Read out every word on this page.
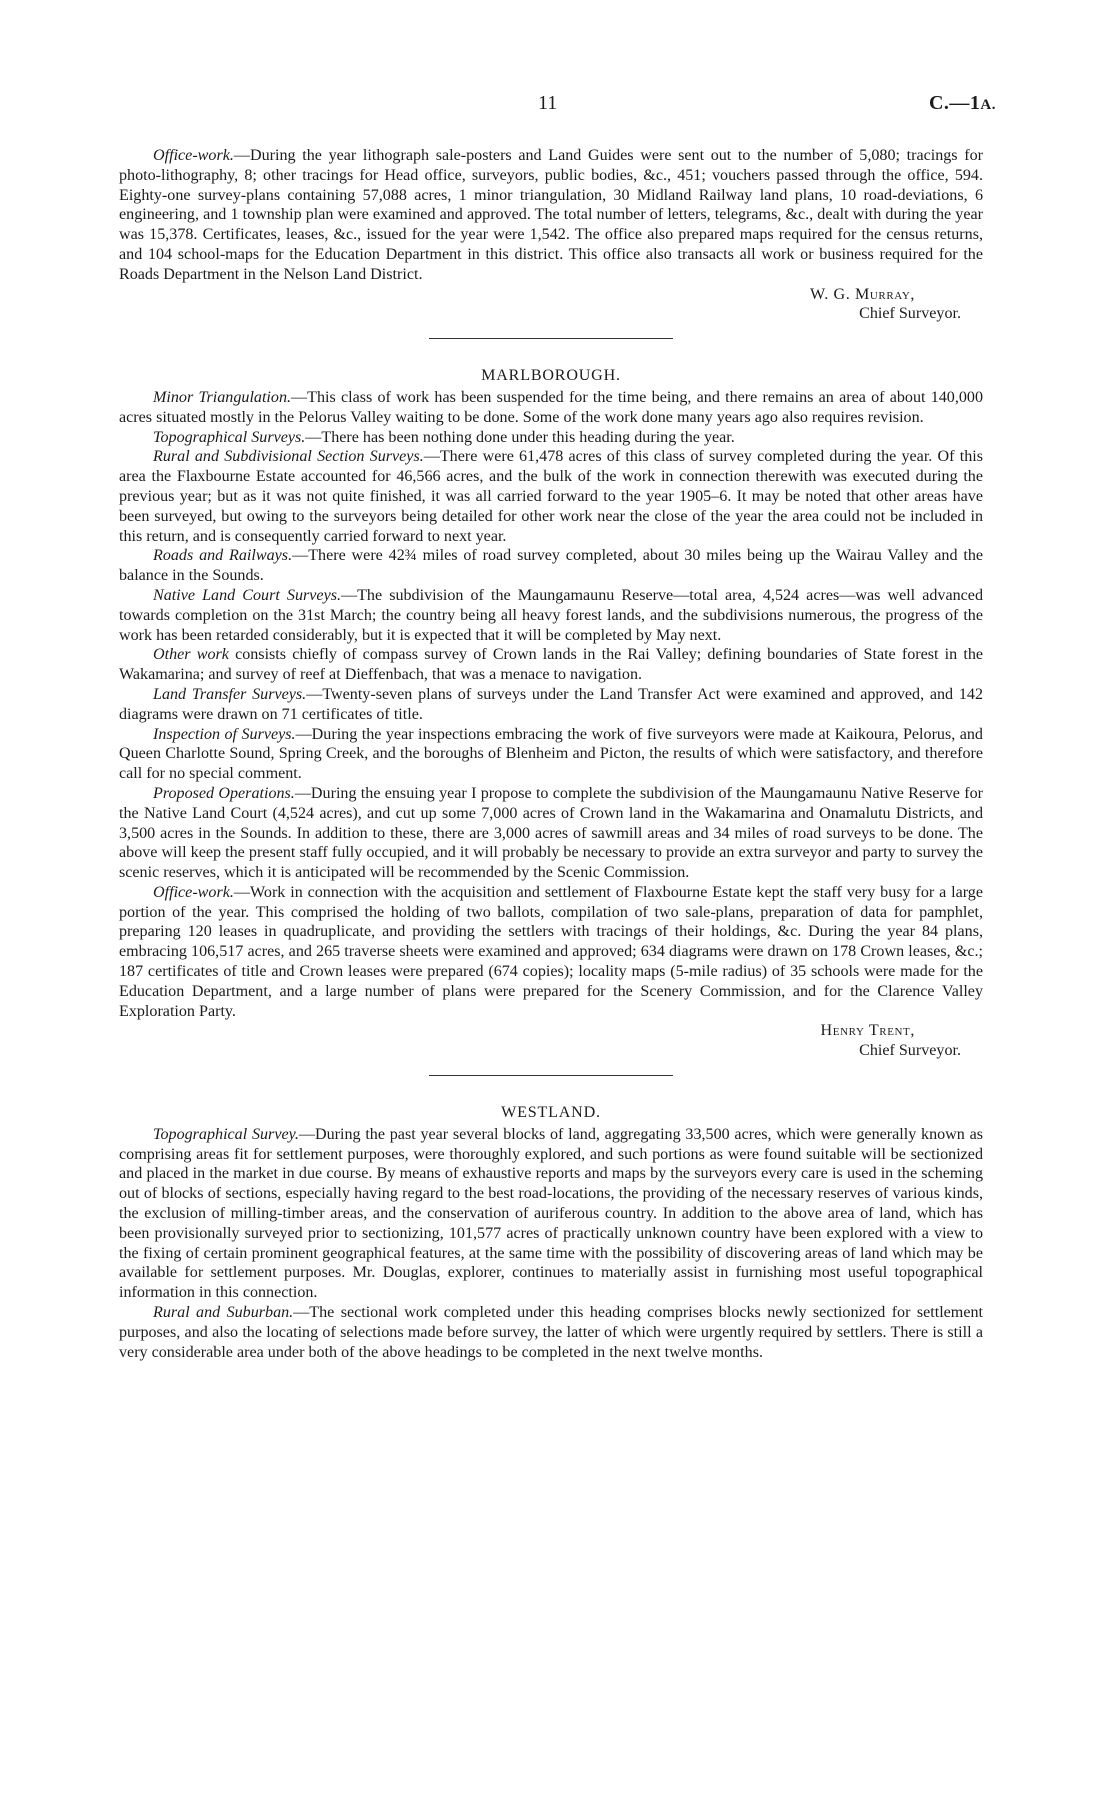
11	C.—1A.

Office-work.—During the year lithograph sale-posters and Land Guides were sent out to the number of 5,080; tracings for photo-lithography, 8; other tracings for Head office, surveyors, public bodies, &c., 451; vouchers passed through the office, 594. Eighty-one survey-plans containing 57,088 acres, 1 minor triangulation, 30 Midland Railway land plans, 10 road-deviations, 6 engineering, and 1 township plan were examined and approved. The total number of letters, telegrams, &c., dealt with during the year was 15,378. Certificates, leases, &c., issued for the year were 1,542. The office also prepared maps required for the census returns, and 104 school-maps for the Education Department in this district. This office also transacts all work or business required for the Roads Department in the Nelson Land District.

W. G. Murray,
Chief Surveyor.
MARLBOROUGH.

Minor Triangulation.—This class of work has been suspended for the time being, and there remains an area of about 140,000 acres situated mostly in the Pelorus Valley waiting to be done. Some of the work done many years ago also requires revision.

Topographical Surveys.—There has been nothing done under this heading during the year.

Rural and Subdivisional Section Surveys.—There were 61,478 acres of this class of survey completed during the year. Of this area the Flaxbourne Estate accounted for 46,566 acres, and the bulk of the work in connection therewith was executed during the previous year; but as it was not quite finished, it was all carried forward to the year 1905–6. It may be noted that other areas have been surveyed, but owing to the surveyors being detailed for other work near the close of the year the area could not be included in this return, and is consequently carried forward to next year.

Roads and Railways.—There were 42¾ miles of road survey completed, about 30 miles being up the Wairau Valley and the balance in the Sounds.

Native Land Court Surveys.—The subdivision of the Maungamaunu Reserve—total area, 4,524 acres—was well advanced towards completion on the 31st March; the country being all heavy forest lands, and the subdivisions numerous, the progress of the work has been retarded considerably, but it is expected that it will be completed by May next.

Other work consists chiefly of compass survey of Crown lands in the Rai Valley; defining boundaries of State forest in the Wakamarina; and survey of reef at Dieffenbach, that was a menace to navigation.

Land Transfer Surveys.—Twenty-seven plans of surveys under the Land Transfer Act were examined and approved, and 142 diagrams were drawn on 71 certificates of title.

Inspection of Surveys.—During the year inspections embracing the work of five surveyors were made at Kaikoura, Pelorus, and Queen Charlotte Sound, Spring Creek, and the boroughs of Blenheim and Picton, the results of which were satisfactory, and therefore call for no special comment.

Proposed Operations.—During the ensuing year I propose to complete the subdivision of the Maungamaunu Native Reserve for the Native Land Court (4,524 acres), and cut up some 7,000 acres of Crown land in the Wakamarina and Onamalutu Districts, and 3,500 acres in the Sounds. In addition to these, there are 3,000 acres of sawmill areas and 34 miles of road surveys to be done. The above will keep the present staff fully occupied, and it will probably be necessary to provide an extra surveyor and party to survey the scenic reserves, which it is anticipated will be recommended by the Scenic Commission.

Office-work.—Work in connection with the acquisition and settlement of Flaxbourne Estate kept the staff very busy for a large portion of the year. This comprised the holding of two ballots, compilation of two sale-plans, preparation of data for pamphlet, preparing 120 leases in quadruplicate, and providing the settlers with tracings of their holdings, &c. During the year 84 plans, embracing 106,517 acres, and 265 traverse sheets were examined and approved; 634 diagrams were drawn on 178 Crown leases, &c.; 187 certificates of title and Crown leases were prepared (674 copies); locality maps (5-mile radius) of 35 schools were made for the Education Department, and a large number of plans were prepared for the Scenery Commission, and for the Clarence Valley Exploration Party.

Henry Trent,
Chief Surveyor.
WESTLAND.

Topographical Survey.—During the past year several blocks of land, aggregating 33,500 acres, which were generally known as comprising areas fit for settlement purposes, were thoroughly explored, and such portions as were found suitable will be sectionized and placed in the market in due course. By means of exhaustive reports and maps by the surveyors every care is used in the scheming out of blocks of sections, especially having regard to the best road-locations, the providing of the necessary reserves of various kinds, the exclusion of milling-timber areas, and the conservation of auriferous country. In addition to the above area of land, which has been provisionally surveyed prior to sectionizing, 101,577 acres of practically unknown country have been explored with a view to the fixing of certain prominent geographical features, at the same time with the possibility of discovering areas of land which may be available for settlement purposes. Mr. Douglas, explorer, continues to materially assist in furnishing most useful topographical information in this connection.

Rural and Suburban.—The sectional work completed under this heading comprises blocks newly sectionized for settlement purposes, and also the locating of selections made before survey, the latter of which were urgently required by settlers. There is still a very considerable area under both of the above headings to be completed in the next twelve months.
